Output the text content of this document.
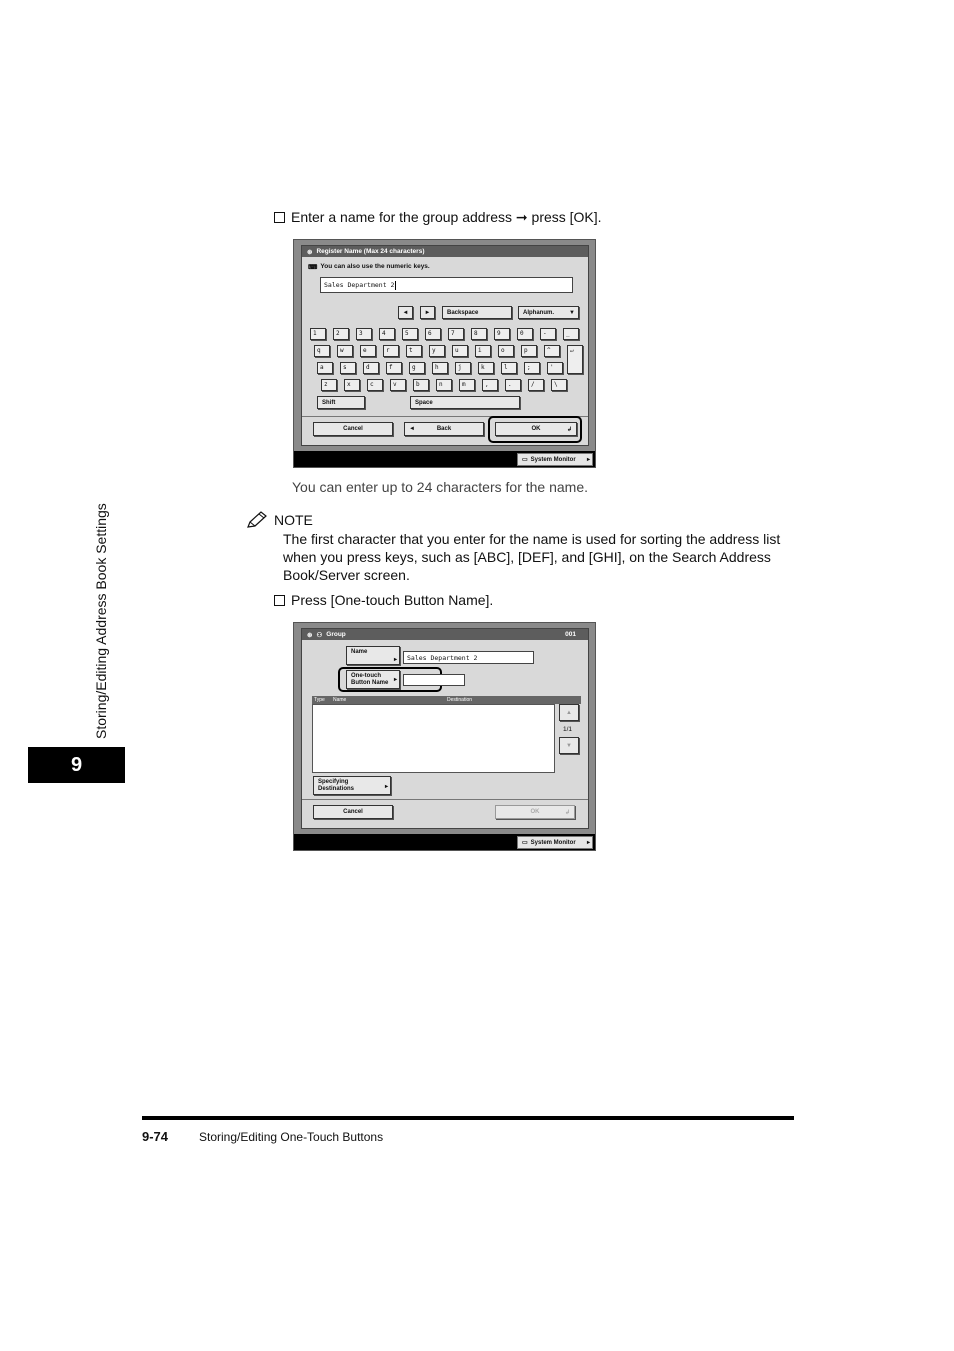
Enter a name for the group address ➞ press [OK].
⊛ Register Name (Max 24 characters)
⌨ You can also use the numeric keys.
Sales Department 2
◄	►	Backspace	Alphanum.	▼
1	2	3	4	5	6	7	8	9	0	-	_
q	w	e	r	t	y	u	i	o	p	^	↵
a	s	d	f	g	h	j	k	l	;	'
z	x	c	v	b	n	m	,	.	/	\
Shift	Space
Cancel	◄	Back	OK	↲
▭ System Monitor ▸
You can enter up to 24 characters for the name.
NOTE
The first character that you enter for the name is used for sorting the address list when you press keys, such as [ABC], [DEF], and [GHI], on the Search Address Book/Server screen.
Press [One-touch Button Name].
⊛ ⚇ Group	001
Name
▸	Sales Department 2
One-touch
Button Name ▸
Type	Name	Destination
▲
1/1
▼
Specifying
Destinations	▸
Cancel	OK	↲
▭ System Monitor ▸
Storing/Editing Address Book Settings
9
9-74	Storing/Editing One-Touch Buttons
